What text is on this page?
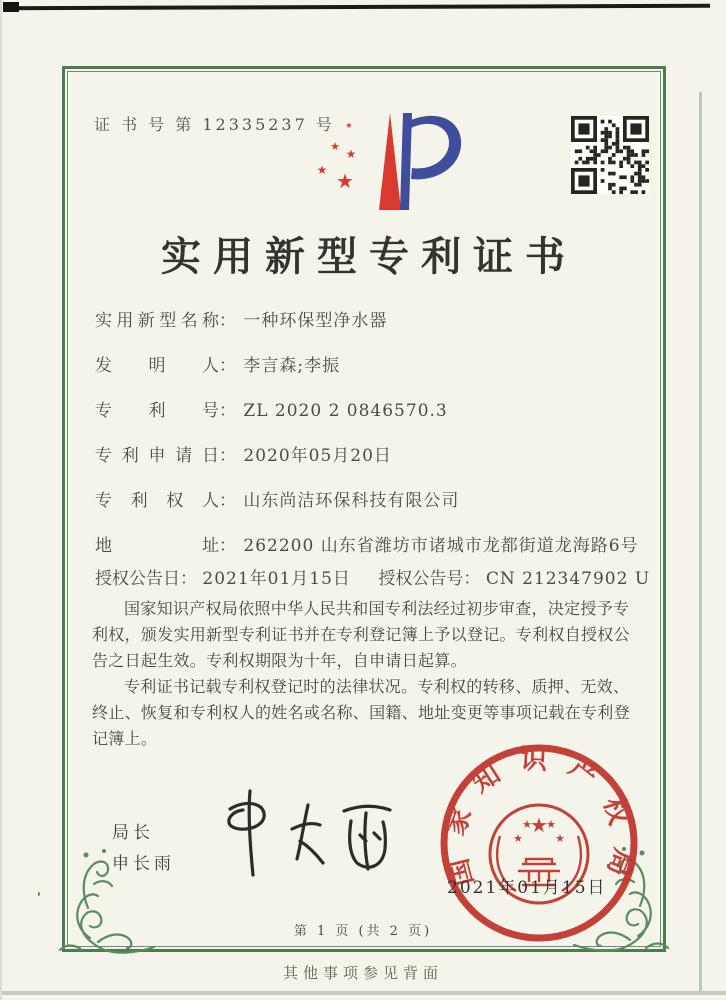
证 书 号 第 12335237 号 ★
★
★
★ ★
实用新型专利证书
实用新型名称： 一种环保型净水器
发明人： 李言森;李振
专利号： ZL 2020 2 0846570.3
专利申请日： 2020年05月20日
专利权人： 山东尚洁环保科技有限公司
地址： 262200 山东省潍坊市诸城市龙都街道龙海路6号
授权公告日： 2021年01月15日 授权公告号： CN 212347902 U

国家知识产权局依照中华人民共和国专利法经过初步审查，决定授予专利权，颁发实用新型专利证书并在专利登记簿上予以登记。专利权自授权公告之日起生效。专利权期限为十年，自申请日起算。

专利证书记载专利权登记时的法律状况。专利权的转移、质押、无效、终止、恢复和专利权人的姓名或名称、国籍、地址变更等事项记载在专利登记簿上。

局长
申长雨	国家知识产权局
★
★
★ ★
★
2021年01月15日
第 1 页 (共 2 页)
其他事项参见背面
